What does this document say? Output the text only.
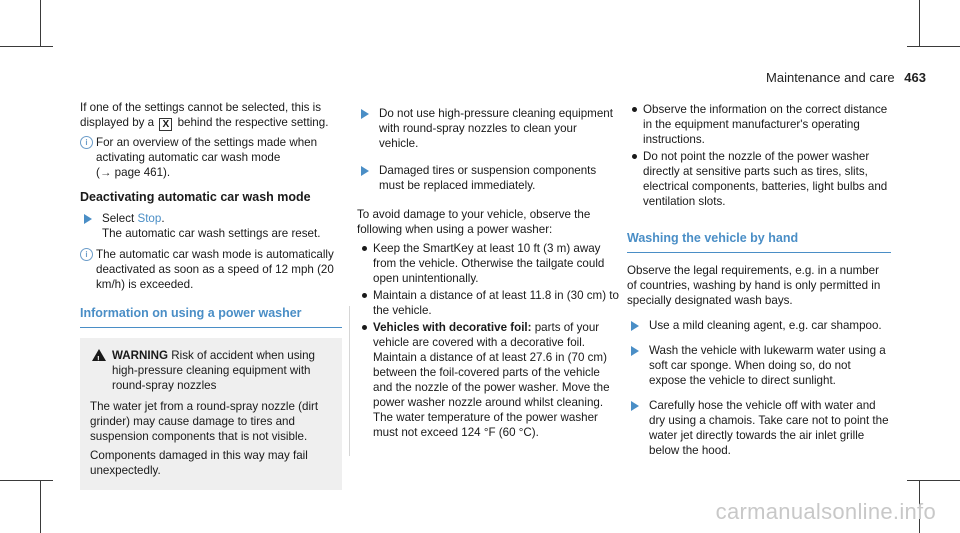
Maintenance and care 463

If one of the settings cannot be selected, this is displayed by a X behind the respective setting.

i For an overview of the settings made when activating automatic car wash mode
(→ page 461).
Deactivating automatic car wash mode
Select Stop.
The automatic car wash settings are reset.
i The automatic car wash mode is automatically deactivated as soon as a speed of 12 mph (20 km/h) is exceeded.
Information on using a power washer
! WARNING Risk of accident when using high-pressure cleaning equipment with round-spray nozzles

The water jet from a round-spray nozzle (dirt grinder) may cause damage to tires and suspension components that is not visible.

Components damaged in this way may fail unexpectedly.

Do not use high-pressure cleaning equipment with round-spray nozzles to clean your vehicle.
Damaged tires or suspension components must be replaced immediately.

To avoid damage to your vehicle, observe the following when using a power washer:

Keep the SmartKey at least 10 ft (3 m) away from the vehicle. Otherwise the tailgate could open unintentionally.
Maintain a distance of at least 11.8 in (30 cm) to the vehicle.
Vehicles with decorative foil: parts of your vehicle are covered with a decorative foil. Maintain a distance of at least 27.6 in (70 cm) between the foil-covered parts of the vehicle and the nozzle of the power washer. Move the power washer nozzle around whilst cleaning. The water temperature of the power washer must not exceed 124 °F (60 °C).
Observe the information on the correct distance in the equipment manufacturer's operating instructions.
Do not point the nozzle of the power washer directly at sensitive parts such as tires, slits, electrical components, batteries, light bulbs and ventilation slots.
Washing the vehicle by hand

Observe the legal requirements, e.g. in a number of countries, washing by hand is only permitted in specially designated wash bays.

Use a mild cleaning agent, e.g. car shampoo.
Wash the vehicle with lukewarm water using a soft car sponge. When doing so, do not expose the vehicle to direct sunlight.
Carefully hose the vehicle off with water and dry using a chamois. Take care not to point the water jet directly towards the air inlet grille below the hood.
carmanualsonline.info
